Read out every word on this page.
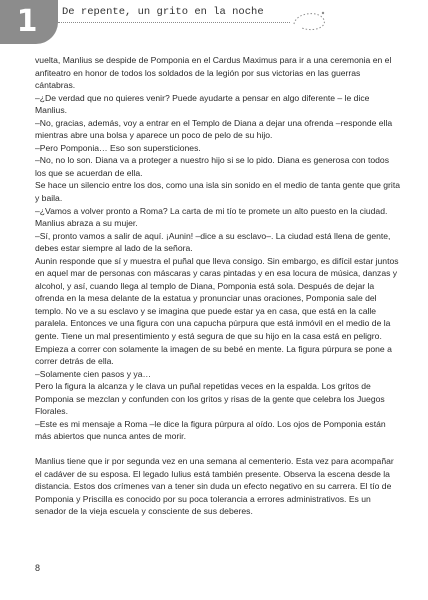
1 De repente, un grito en la noche

vuelta, Manlius se despide de Pomponia en el Cardus Maximus para ir a una ceremonia en el anfiteatro en honor de todos los soldados de la legión por sus victorias en las guerras cántabras.

–¿De verdad que no quieres venir? Puede ayudarte a pensar en algo diferente – le dice Manlius.

–No, gracias, además, voy a entrar en el Templo de Diana a dejar una ofrenda –responde ella mientras abre una bolsa y aparece un poco de pelo de su hijo.

–Pero Pomponia… Eso son supersticiones.

–No, no lo son. Diana va a proteger a nuestro hijo si se lo pido. Diana es generosa con todos los que se acuerdan de ella.

Se hace un silencio entre los dos, como una isla sin sonido en el medio de tanta gente que grita y baila.

–¿Vamos a volver pronto a Roma? La carta de mi tío te promete un alto puesto en la ciudad.

Manlius abraza a su mujer.

–Sí, pronto vamos a salir de aquí. ¡Aunin! –dice a su esclavo–. La ciudad está llena de gente, debes estar siempre al lado de la señora.

Aunin responde que sí y muestra el puñal que lleva consigo. Sin embargo, es difícil estar juntos en aquel mar de personas con máscaras y caras pintadas y en esa locura de música, danzas y alcohol, y así, cuando llega al templo de Diana, Pomponia está sola. Después de dejar la ofrenda en la mesa delante de la estatua y pronunciar unas oraciones, Pomponia sale del templo. No ve a su esclavo y se imagina que puede estar ya en casa, que está en la calle paralela. Entonces ve una figura con una capucha púrpura que está inmóvil en el medio de la gente. Tiene un mal presentimiento y está segura de que su hijo en la casa está en peligro. Empieza a correr con solamente la imagen de su bebé en mente. La figura púrpura se pone a correr detrás de ella.

–Solamente cien pasos y ya…

Pero la figura la alcanza y le clava un puñal repetidas veces en la espalda. Los gritos de Pomponia se mezclan y confunden con los gritos y risas de la gente que celebra los Juegos Florales.

–Este es mi mensaje a Roma –le dice la figura púrpura al oído. Los ojos de Pomponia están más abiertos que nunca antes de morir.

Manlius tiene que ir por segunda vez en una semana al cementerio. Esta vez para acompañar el cadáver de su esposa. El legado Iulius está también presente. Observa la escena desde la distancia. Estos dos crímenes van a tener sin duda un efecto negativo en su carrera. El tío de Pomponia y Priscilla es conocido por su poca tolerancia a errores administrativos. Es un senador de la vieja escuela y consciente de sus deberes.

8
